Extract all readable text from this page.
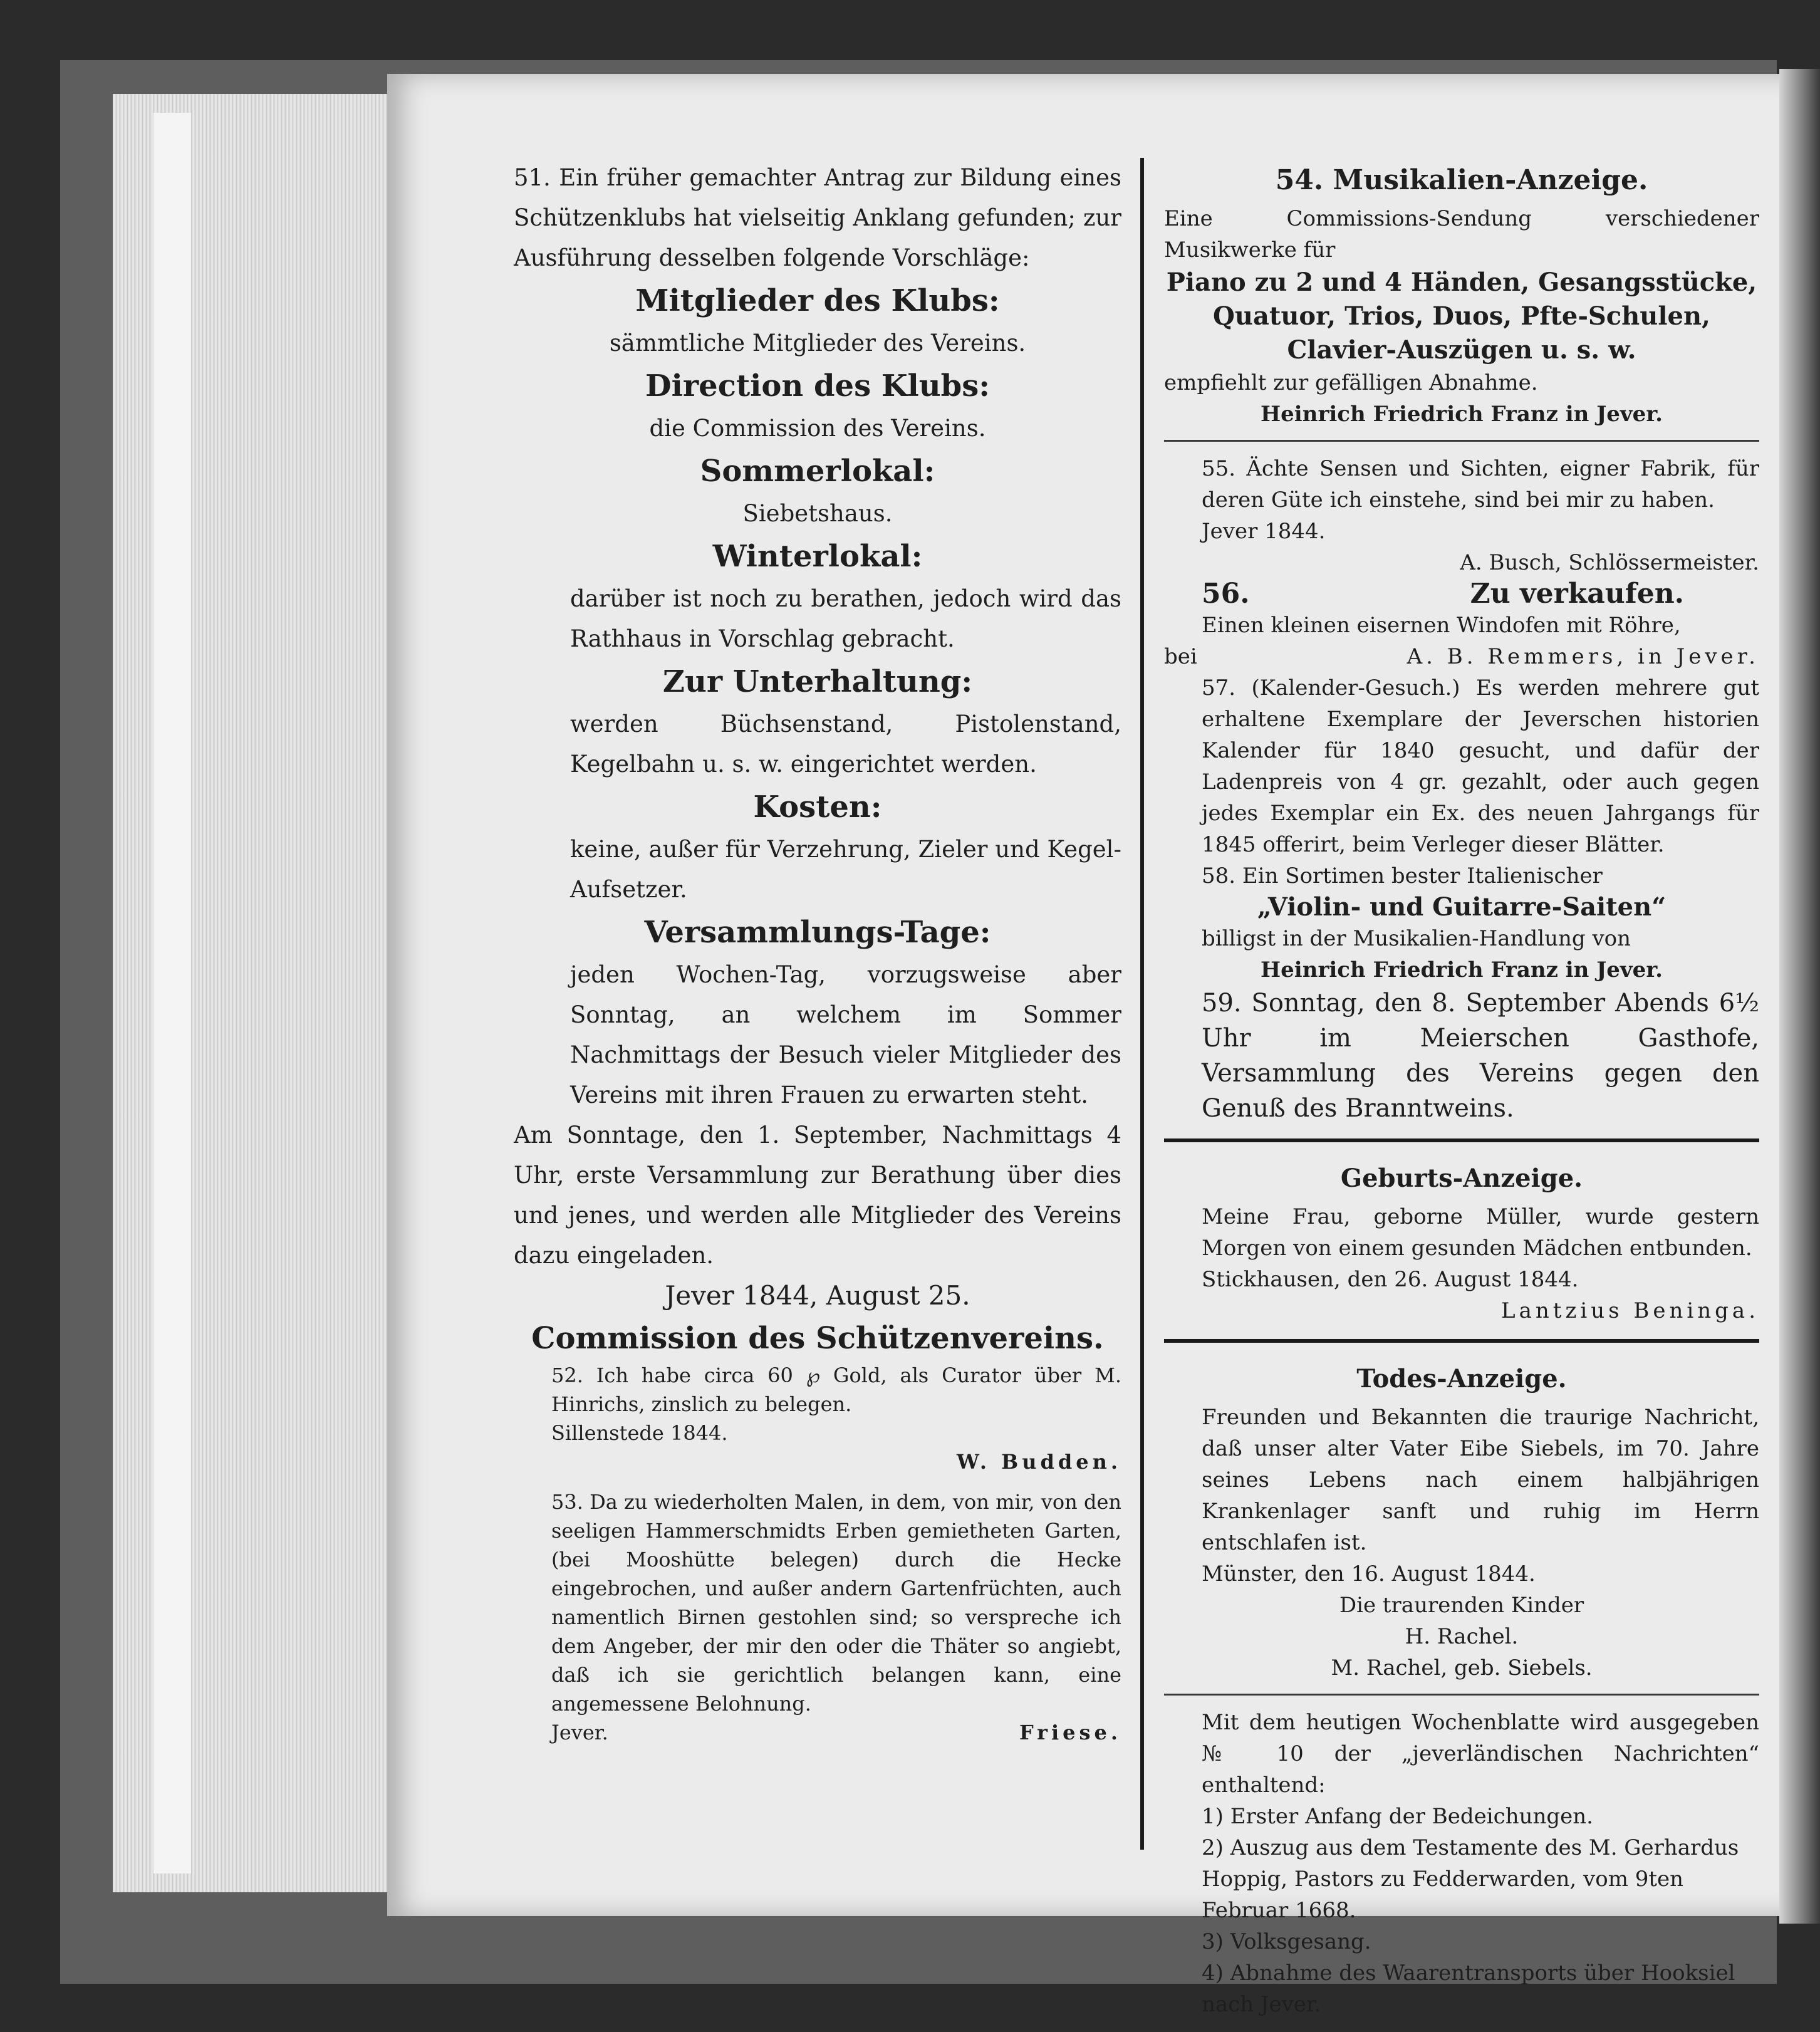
51. Ein früher gemachter Antrag zur Bildung eines Schützenklubs hat vielseitig Anklang gefunden; zur Ausführung desselben folgende Vorschläge:

Mitglieder des Klubs:

sämmtliche Mitglieder des Vereins.

Direction des Klubs:

die Commission des Vereins.

Sommerlokal:

Siebetshaus.

Winterlokal:

darüber ist noch zu berathen, jedoch wird das Rathhaus in Vorschlag gebracht.

Zur Unterhaltung:

werden Büchsenstand, Pistolenstand, Kegelbahn u. s. w. eingerichtet werden.

Kosten:

keine, außer für Verzehrung, Zieler und Kegel-Aufsetzer.

Versammlungs-Tage:

jeden Wochen-Tag, vorzugsweise aber Sonntag, an welchem im Sommer Nachmittags der Besuch vieler Mitglieder des Vereins mit ihren Frauen zu erwarten steht.

Am Sonntage, den 1. September, Nachmittags 4 Uhr, erste Versammlung zur Berathung über dies und jenes, und werden alle Mitglieder des Vereins dazu eingeladen.

Jever 1844, August 25.

Commission des Schützenvereins.

52. Ich habe circa 60 ℘ Gold, als Curator über M. Hinrichs, zinslich zu belegen.

Sillenstede 1844.

W. Budden.

53. Da zu wiederholten Malen, in dem, von mir, von den seeligen Hammerschmidts Erben gemietheten Garten, (bei Mooshütte belegen) durch die Hecke eingebrochen, und außer andern Gartenfrüchten, auch namentlich Birnen gestohlen sind; so verspreche ich dem Angeber, der mir den oder die Thäter so angiebt, daß ich sie gerichtlich belangen kann, eine angemessene Belohnung.

Jever.	Friese.

54. Musikalien-Anzeige.

Eine Commissions-Sendung verschiedener Musikwerke für

Piano zu 2 und 4 Händen, Gesangsstücke, Quatuor, Trios, Duos, Pfte-Schulen, Clavier-Auszügen u. s. w.

empfiehlt zur gefälligen Abnahme.

Heinrich Friedrich Franz in Jever.

55. Ächte Sensen und Sichten, eigner Fabrik, für deren Güte ich einstehe, sind bei mir zu haben.

Jever 1844.

A. Busch, Schlössermeister.

56.	Zu verkaufen.

Einen kleinen eisernen Windofen mit Röhre,

bei	A. B. Remmers, in Jever.

57. (Kalender-Gesuch.) Es werden mehrere gut erhaltene Exemplare der Jeverschen historien Kalender für 1840 gesucht, und dafür der Ladenpreis von 4 gr. gezahlt, oder auch gegen jedes Exemplar ein Ex. des neuen Jahrgangs für 1845 offerirt, beim Verleger dieser Blätter.

58. Ein Sortimen bester Italienischer

„Violin- und Guitarre-Saiten“

billigst in der Musikalien-Handlung von

Heinrich Friedrich Franz in Jever.

59. Sonntag, den 8. September Abends 6½ Uhr im Meierschen Gasthofe, Versammlung des Vereins gegen den Genuß des Branntweins.

Geburts-Anzeige.

Meine Frau, geborne Müller, wurde gestern Morgen von einem gesunden Mädchen entbunden.

Stickhausen, den 26. August 1844.

Lantzius Beninga.

Todes-Anzeige.

Freunden und Bekannten die traurige Nachricht, daß unser alter Vater Eibe Siebels, im 70. Jahre seines Lebens nach einem halbjährigen Krankenlager sanft und ruhig im Herrn entschlafen ist.

Münster, den 16. August 1844.

Die traurenden Kinder

H. Rachel.

M. Rachel, geb. Siebels.

Mit dem heutigen Wochenblatte wird ausgegeben № 10 der „jeverländischen Nachrichten“ enthaltend:

1) Erster Anfang der Bedeichungen.

2) Auszug aus dem Testamente des M. Gerhardus Hoppig, Pastors zu Fedderwarden, vom 9ten Februar 1668.

3) Volksgesang.

4) Abnahme des Waarentransports über Hooksiel nach Jever.
